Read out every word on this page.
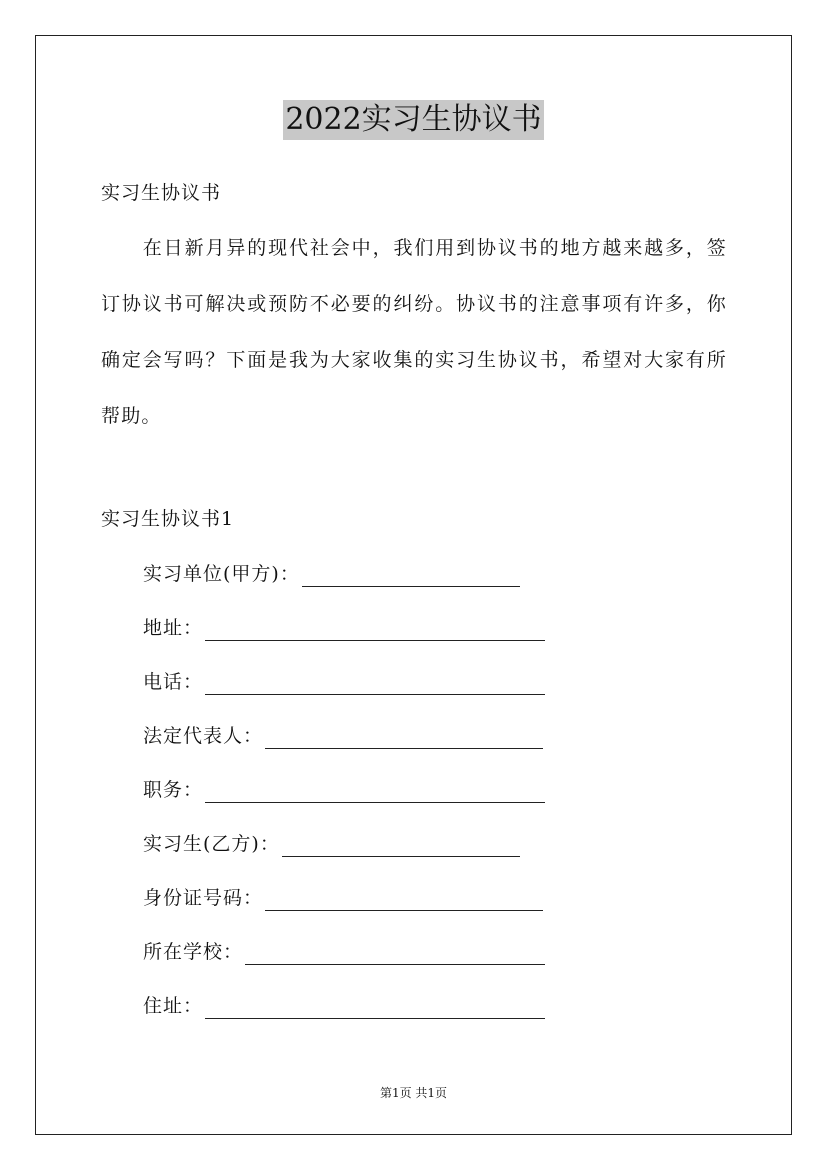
2022实习生协议书
实习生协议书

在日新月异的现代社会中，我们用到协议书的地方越来越多，签订协议书可解决或预防不必要的纠纷。协议书的注意事项有许多，你确定会写吗？下面是我为大家收集的实习生协议书，希望对大家有所帮助。

实习生协议书1
实习单位(甲方)：
地址：
电话：
法定代表人：
职务：
实习生(乙方)：
身份证号码：
所在学校：
住址：
第1页 共1页
